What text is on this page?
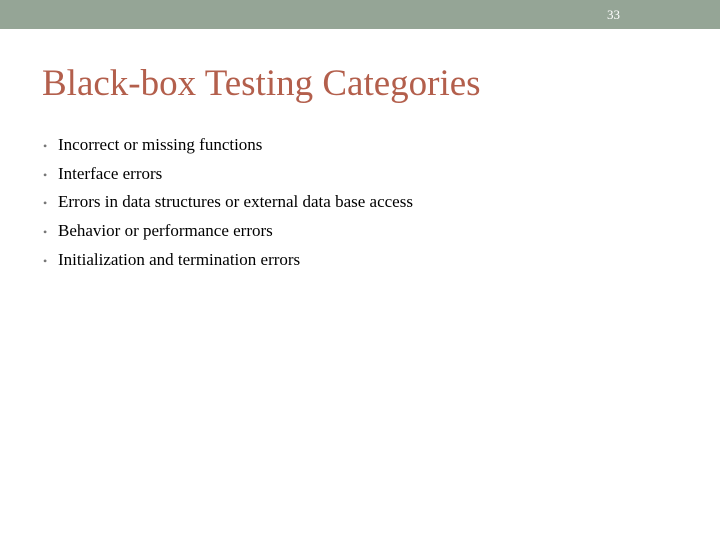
33
Black-box Testing Categories
• Incorrect or missing functions
• Interface errors
• Errors in data structures or external data base access
• Behavior or performance errors
• Initialization and termination errors
